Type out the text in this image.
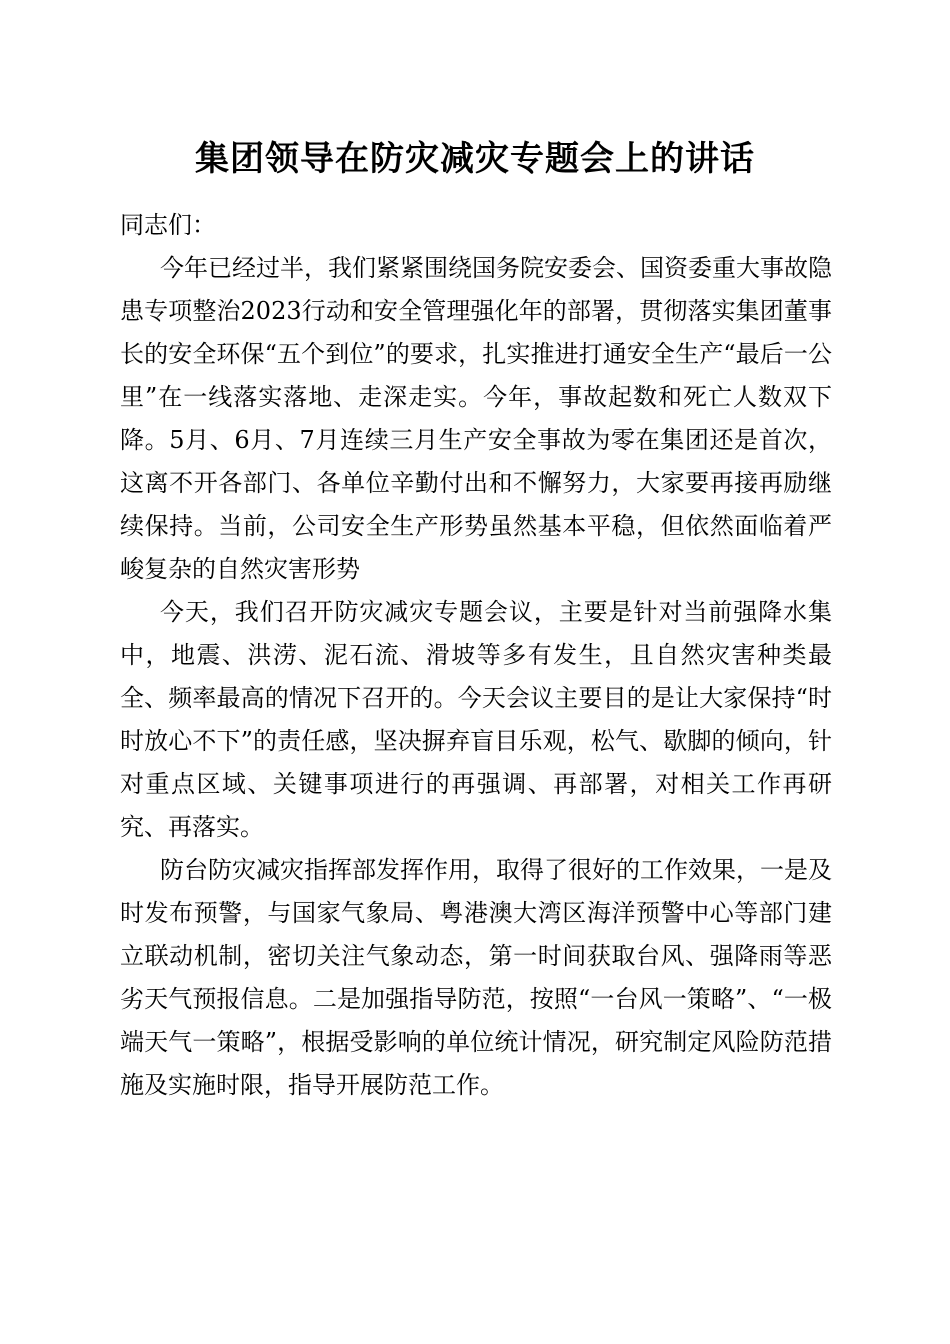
集团领导在防灾减灾专题会上的讲话

同志们：

今年已经过半，我们紧紧围绕国务院安委会、国资委重大事故隐患专项整治2023行动和安全管理强化年的部署，贯彻落实集团董事长的安全环保“五个到位”的要求，扎实推进打通安全生产“最后一公里”在一线落实落地、走深走实。今年，事故起数和死亡人数双下降。5月、6月、7月连续三月生产安全事故为零在集团还是首次，这离不开各部门、各单位辛勤付出和不懈努力，大家要再接再励继续保持。当前，公司安全生产形势虽然基本平稳，但依然面临着严峻复杂的自然灾害形势

今天，我们召开防灾减灾专题会议，主要是针对当前强降水集中，地震、洪涝、泥石流、滑坡等多有发生，且自然灾害种类最全、频率最高的情况下召开的。今天会议主要目的是让大家保持“时时放心不下”的责任感，坚决摒弃盲目乐观，松气、歇脚的倾向，针对重点区域、关键事项进行的再强调、再部署，对相关工作再研究、再落实。

防台防灾减灾指挥部发挥作用，取得了很好的工作效果，一是及时发布预警，与国家气象局、粤港澳大湾区海洋预警中心等部门建立联动机制，密切关注气象动态，第一时间获取台风、强降雨等恶劣天气预报信息。二是加强指导防范，按照“一台风一策略”、“一极端天气一策略”，根据受影响的单位统计情况，研究制定风险防范措施及实施时限，指导开展防范工作。
